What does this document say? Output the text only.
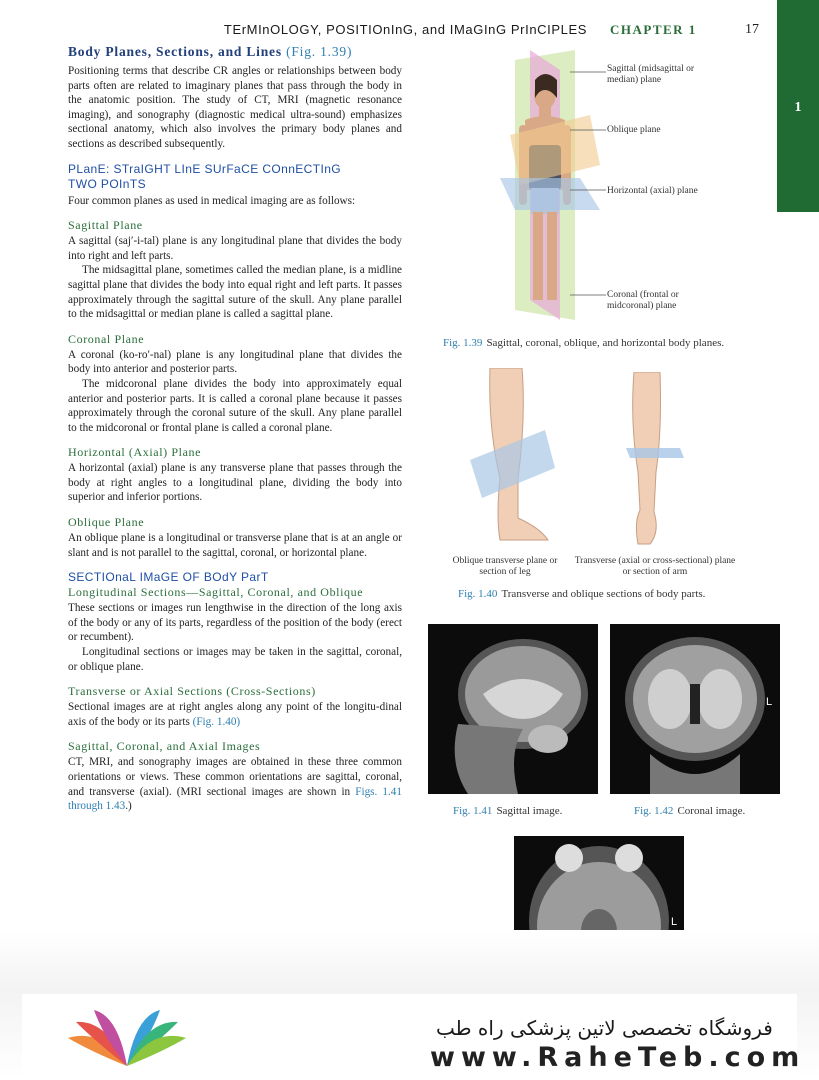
TErMInOLOGY, POSITIOnInG, and IMaGInG PrInCIPLES CHAPTER 1	17
1
Body Planes, Sections, and Lines (Fig. 1.39)

Positioning terms that describe CR angles or relationships between body parts often are related to imaginary planes that pass through the body in the anatomic position. The study of CT, MRI (magnetic resonance imaging), and sonography (diagnostic medical ultra-sound) emphasizes sectional anatomy, which also involves the primary body planes and sections as described subsequently.

PLanE: STraIGHT LInE SUrFaCE COnnECTInG
TWO POInTS

Four common planes as used in medical imaging are as follows:

Sagittal Plane

A sagittal (saj′-i-tal) plane is any longitudinal plane that divides the body into right and left parts.

The midsagittal plane, sometimes called the median plane, is a midline sagittal plane that divides the body into equal right and left parts. It passes approximately through the sagittal suture of the skull. Any plane parallel to the midsagittal or median plane is called a sagittal plane.

Coronal Plane

A coronal (ko-ro′-nal) plane is any longitudinal plane that divides the body into anterior and posterior parts.

The midcoronal plane divides the body into approximately equal anterior and posterior parts. It is called a coronal plane because it passes approximately through the coronal suture of the skull. Any plane parallel to the midcoronal or frontal plane is called a coronal plane.

Horizontal (Axial) Plane

A horizontal (axial) plane is any transverse plane that passes through the body at right angles to a longitudinal plane, dividing the body into superior and inferior portions.

Oblique Plane

An oblique plane is a longitudinal or transverse plane that is at an angle or slant and is not parallel to the sagittal, coronal, or horizontal plane.

SECTIOnaL IMaGE OF BOdY ParT
Longitudinal Sections—Sagittal, Coronal, and Oblique

These sections or images run lengthwise in the direction of the long axis of the body or any of its parts, regardless of the position of the body (erect or recumbent).

Longitudinal sections or images may be taken in the sagittal, coronal, or oblique plane.

Transverse or Axial Sections (Cross-Sections)

Sectional images are at right angles along any point of the longitu-dinal axis of the body or its parts (Fig. 1.40)

Sagittal, Coronal, and Axial Images

CT, MRI, and sonography images are obtained in these three common orientations or views. These common orientations are sagittal, coronal, and transverse (axial). (MRI sectional images are shown in Figs. 1.41 through 1.43.)

Sagittal (midsagittal or median) plane
Oblique plane
Horizontal (axial) plane
Coronal (frontal or midcoronal) plane
Fig. 1.39 Sagittal, coronal, oblique, and horizontal body planes.
Oblique transverse plane or section of leg
Transverse (axial or cross-sectional) plane or section of arm
Fig. 1.40 Transverse and oblique sections of body parts.
L
Fig. 1.41 Sagittal image.	Fig. 1.42 Coronal image.
L
فروشگاه تخصصی لاتین پزشکی راه طب
www.RaheTeb.com
